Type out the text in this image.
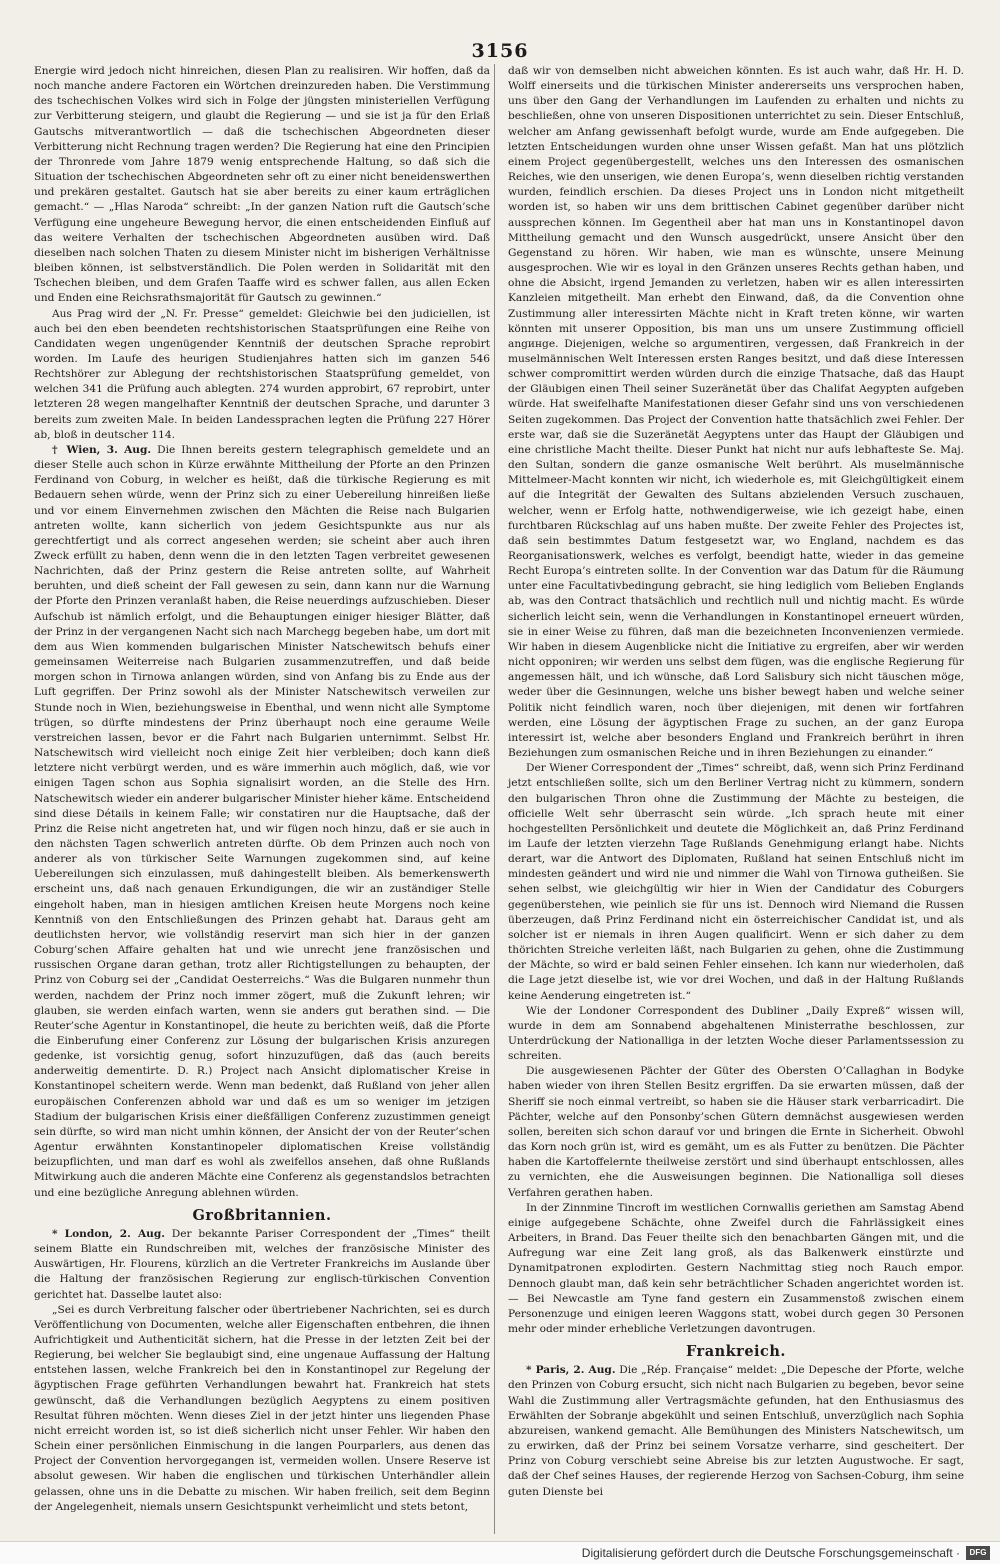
3156

Energie wird jedoch nicht hinreichen, diesen Plan zu realisiren. Wir hoffen, daß da noch manche andere Factoren ein Wörtchen dreinzureden haben. Die Verstimmung des tschechischen Volkes wird sich in Folge der jüngsten ministeriellen Verfügung zur Verbitterung steigern, und glaubt die Regierung — und sie ist ja für den Erlaß Gautschs mitverantwortlich — daß die tschechischen Abgeordneten dieser Verbitterung nicht Rechnung tragen werden? Die Regierung hat eine den Principien der Thronrede vom Jahre 1879 wenig entsprechende Haltung, so daß sich die Situation der tschechischen Abgeordneten sehr oft zu einer nicht beneidenswerthen und prekären gestaltet. Gautsch hat sie aber bereits zu einer kaum erträglichen gemacht.“ — „Hlas Naroda“ schreibt: „In der ganzen Nation ruft die Gautsch’sche Verfügung eine ungeheure Bewegung hervor, die einen entscheidenden Einfluß auf das weitere Verhalten der tschechischen Abgeordneten ausüben wird. Daß dieselben nach solchen Thaten zu diesem Minister nicht im bisherigen Verhältnisse bleiben können, ist selbstverständlich. Die Polen werden in Solidarität mit den Tschechen bleiben, und dem Grafen Taaffe wird es schwer fallen, aus allen Ecken und Enden eine Reichsrathsmajorität für Gautsch zu gewinnen.“

Aus Prag wird der „N. Fr. Presse“ gemeldet: Gleichwie bei den judiciellen, ist auch bei den eben beendeten rechtshistorischen Staatsprüfungen eine Reihe von Candidaten wegen ungenügender Kenntniß der deutschen Sprache reprobirt worden. Im Laufe des heurigen Studienjahres hatten sich im ganzen 546 Rechtshörer zur Ablegung der rechtshistorischen Staatsprüfung gemeldet, von welchen 341 die Prüfung auch ablegten. 274 wurden approbirt, 67 reprobirt, unter letzteren 28 wegen mangelhafter Kenntniß der deutschen Sprache, und darunter 3 bereits zum zweiten Male. In beiden Landessprachen legten die Prüfung 227 Hörer ab, bloß in deutscher 114.

† Wien, 3. Aug. Die Ihnen bereits gestern telegraphisch gemeldete und an dieser Stelle auch schon in Kürze erwähnte Mittheilung der Pforte an den Prinzen Ferdinand von Coburg, in welcher es heißt, daß die türkische Regierung es mit Bedauern sehen würde, wenn der Prinz sich zu einer Uebereilung hinreißen ließe und vor einem Einvernehmen zwischen den Mächten die Reise nach Bulgarien antreten wollte, kann sicherlich von jedem Gesichtspunkte aus nur als gerechtfertigt und als correct angesehen werden; sie scheint aber auch ihren Zweck erfüllt zu haben, denn wenn die in den letzten Tagen verbreitet gewesenen Nachrichten, daß der Prinz gestern die Reise antreten sollte, auf Wahrheit beruhten, und dieß scheint der Fall gewesen zu sein, dann kann nur die Warnung der Pforte den Prinzen veranlaßt haben, die Reise neuerdings aufzuschieben. Dieser Aufschub ist nämlich erfolgt, und die Behauptungen einiger hiesiger Blätter, daß der Prinz in der vergangenen Nacht sich nach Marchegg begeben habe, um dort mit dem aus Wien kommenden bulgarischen Minister Natschewitsch behufs einer gemeinsamen Weiterreise nach Bulgarien zusammenzutreffen, und daß beide morgen schon in Tirnowa anlangen würden, sind von Anfang bis zu Ende aus der Luft gegriffen. Der Prinz sowohl als der Minister Natschewitsch verweilen zur Stunde noch in Wien, beziehungsweise in Ebenthal, und wenn nicht alle Symptome trügen, so dürfte mindestens der Prinz überhaupt noch eine geraume Weile verstreichen lassen, bevor er die Fahrt nach Bulgarien unternimmt. Selbst Hr. Natschewitsch wird vielleicht noch einige Zeit hier verbleiben; doch kann dieß letztere nicht verbürgt werden, und es wäre immerhin auch möglich, daß, wie vor einigen Tagen schon aus Sophia signalisirt worden, an die Stelle des Hrn. Natschewitsch wieder ein anderer bulgarischer Minister hieher käme. Entscheidend sind diese Détails in keinem Falle; wir constatiren nur die Hauptsache, daß der Prinz die Reise nicht angetreten hat, und wir fügen noch hinzu, daß er sie auch in den nächsten Tagen schwerlich antreten dürfte. Ob dem Prinzen auch noch von anderer als von türkischer Seite Warnungen zugekommen sind, auf keine Uebereilungen sich einzulassen, muß dahingestellt bleiben. Als bemerkenswerth erscheint uns, daß nach genauen Erkundigungen, die wir an zuständiger Stelle eingeholt haben, man in hiesigen amtlichen Kreisen heute Morgens noch keine Kenntniß von den Entschließungen des Prinzen gehabt hat. Daraus geht am deutlichsten hervor, wie vollständig reservirt man sich hier in der ganzen Coburg’schen Affaire gehalten hat und wie unrecht jene französischen und russischen Organe daran gethan, trotz aller Richtigstellungen zu behaupten, der Prinz von Coburg sei der „Candidat Oesterreichs.“ Was die Bulgaren nunmehr thun werden, nachdem der Prinz noch immer zögert, muß die Zukunft lehren; wir glauben, sie werden einfach warten, wenn sie anders gut berathen sind. — Die Reuter’sche Agentur in Konstantinopel, die heute zu berichten weiß, daß die Pforte die Einberufung einer Conferenz zur Lösung der bulgarischen Krisis anzuregen gedenke, ist vorsichtig genug, sofort hinzuzufügen, daß das (auch bereits anderweitig dementirte. D. R.) Project nach Ansicht diplomatischer Kreise in Konstantinopel scheitern werde. Wenn man bedenkt, daß Rußland von jeher allen europäischen Conferenzen abhold war und daß es um so weniger im jetzigen Stadium der bulgarischen Krisis einer dießfälligen Conferenz zuzustimmen geneigt sein dürfte, so wird man nicht umhin können, der Ansicht der von der Reuter’schen Agentur erwähnten Konstantinopeler diplomatischen Kreise vollständig beizupflichten, und man darf es wohl als zweifellos ansehen, daß ohne Rußlands Mitwirkung auch die anderen Mächte eine Conferenz als gegenstandslos betrachten und eine bezügliche Anregung ablehnen würden.

Großbritannien.

* London, 2. Aug. Der bekannte Pariser Correspondent der „Times“ theilt seinem Blatte ein Rundschreiben mit, welches der französische Minister des Auswärtigen, Hr. Flourens, kürzlich an die Vertreter Frankreichs im Auslande über die Haltung der französischen Regierung zur englisch-türkischen Convention gerichtet hat. Dasselbe lautet also:

„Sei es durch Verbreitung falscher oder übertriebener Nachrichten, sei es durch Veröffentlichung von Documenten, welche aller Eigenschaften entbehren, die ihnen Aufrichtigkeit und Authenticität sichern, hat die Presse in der letzten Zeit bei der Regierung, bei welcher Sie beglaubigt sind, eine ungenaue Auffassung der Haltung entstehen lassen, welche Frankreich bei den in Konstantinopel zur Regelung der ägyptischen Frage geführten Verhandlungen bewahrt hat. Frankreich hat stets gewünscht, daß die Verhandlungen bezüglich Aegyptens zu einem positiven Resultat führen möchten. Wenn dieses Ziel in der jetzt hinter uns liegenden Phase nicht erreicht worden ist, so ist dieß sicherlich nicht unser Fehler. Wir haben den Schein einer persönlichen Einmischung in die langen Pourparlers, aus denen das Project der Convention hervorgegangen ist, vermeiden wollen. Unsere Reserve ist absolut gewesen. Wir haben die englischen und türkischen Unterhändler allein gelassen, ohne uns in die Debatte zu mischen. Wir haben freilich, seit dem Beginn der Angelegenheit, niemals unsern Gesichtspunkt verheimlicht und stets betont,

daß wir von demselben nicht abweichen könnten. Es ist auch wahr, daß Hr. H. D. Wolff einerseits und die türkischen Minister andererseits uns versprochen haben, uns über den Gang der Verhandlungen im Laufenden zu erhalten und nichts zu beschließen, ohne von unseren Dispositionen unterrichtet zu sein. Dieser Entschluß, welcher am Anfang gewissenhaft befolgt wurde, wurde am Ende aufgegeben. Die letzten Entscheidungen wurden ohne unser Wissen gefaßt. Man hat uns plötzlich einem Project gegenübergestellt, welches uns den Interessen des osmanischen Reiches, wie den unserigen, wie denen Europa’s, wenn dieselben richtig verstanden wurden, feindlich erschien. Da dieses Project uns in London nicht mitgetheilt worden ist, so haben wir uns dem brittischen Cabinet gegenüber darüber nicht aussprechen können. Im Gegentheil aber hat man uns in Konstantinopel davon Mittheilung gemacht und den Wunsch ausgedrückt, unsere Ansicht über den Gegenstand zu hören. Wir haben, wie man es wünschte, unsere Meinung ausgesprochen. Wie wir es loyal in den Gränzen unseres Rechts gethan haben, und ohne die Absicht, irgend Jemanden zu verletzen, haben wir es allen interessirten Kanzleien mitgetheilt. Man erhebt den Einwand, daß, da die Convention ohne Zustimmung aller interessirten Mächte nicht in Kraft treten könne, wir warten könnten mit unserer Opposition, bis man uns um unsere Zustimmung officiell angинge. Diejenigen, welche so argumentiren, vergessen, daß Frankreich in der muselmännischen Welt Interessen ersten Ranges besitzt, und daß diese Interessen schwer compromittirt werden würden durch die einzige Thatsache, daß das Haupt der Gläubigen einen Theil seiner Suzeränetät über das Chalifat Aegypten aufgeben würde. Hat sweifelhafte Manifestationen dieser Gefahr sind uns von verschiedenen Seiten zugekommen. Das Project der Convention hatte thatsächlich zwei Fehler. Der erste war, daß sie die Suzeränetät Aegyptens unter das Haupt der Gläubigen und eine christliche Macht theilte. Dieser Punkt hat nicht nur aufs lebhafteste Se. Maj. den Sultan, sondern die ganze osmanische Welt berührt. Als muselmännische Mittelmeer-Macht konnten wir nicht, ich wiederhole es, mit Gleichgültigkeit einem auf die Integrität der Gewalten des Sultans abzielenden Versuch zuschauen, welcher, wenn er Erfolg hatte, nothwendigerweise, wie ich gezeigt habe, einen furchtbaren Rückschlag auf uns haben mußte. Der zweite Fehler des Projectes ist, daß sein bestimmtes Datum festgesetzt war, wo England, nachdem es das Reorganisationswerk, welches es verfolgt, beendigt hatte, wieder in das gemeine Recht Europa’s eintreten sollte. In der Convention war das Datum für die Räumung unter eine Facultativbedingung gebracht, sie hing lediglich vom Belieben Englands ab, was den Contract thatsächlich und rechtlich null und nichtig macht. Es würde sicherlich leicht sein, wenn die Verhandlungen in Konstantinopel erneuert würden, sie in einer Weise zu führen, daß man die bezeichneten Inconvenienzen vermiede. Wir haben in diesem Augenblicke nicht die Initiative zu ergreifen, aber wir werden nicht opponiren; wir werden uns selbst dem fügen, was die englische Regierung für angemessen hält, und ich wünsche, daß Lord Salisbury sich nicht täuschen möge, weder über die Gesinnungen, welche uns bisher bewegt haben und welche seiner Politik nicht feindlich waren, noch über diejenigen, mit denen wir fortfahren werden, eine Lösung der ägyptischen Frage zu suchen, an der ganz Europa interessirt ist, welche aber besonders England und Frankreich berührt in ihren Beziehungen zum osmanischen Reiche und in ihren Beziehungen zu einander.“

Der Wiener Correspondent der „Times“ schreibt, daß, wenn sich Prinz Ferdinand jetzt entschließen sollte, sich um den Berliner Vertrag nicht zu kümmern, sondern den bulgarischen Thron ohne die Zustimmung der Mächte zu besteigen, die officielle Welt sehr überrascht sein würde. „Ich sprach heute mit einer hochgestellten Persönlichkeit und deutete die Möglichkeit an, daß Prinz Ferdinand im Laufe der letzten vierzehn Tage Rußlands Genehmigung erlangt habe. Nichts derart, war die Antwort des Diplomaten, Rußland hat seinen Entschluß nicht im mindesten geändert und wird nie und nimmer die Wahl von Tirnowa gutheißen. Sie sehen selbst, wie gleichgültig wir hier in Wien der Candidatur des Coburgers gegenüberstehen, wie peinlich sie für uns ist. Dennoch wird Niemand die Russen überzeugen, daß Prinz Ferdinand nicht ein österreichischer Candidat ist, und als solcher ist er niemals in ihren Augen qualificirt. Wenn er sich daher zu dem thörichten Streiche verleiten läßt, nach Bulgarien zu gehen, ohne die Zustimmung der Mächte, so wird er bald seinen Fehler einsehen. Ich kann nur wiederholen, daß die Lage jetzt dieselbe ist, wie vor drei Wochen, und daß in der Haltung Rußlands keine Aenderung eingetreten ist.“

Wie der Londoner Correspondent des Dubliner „Daily Expreß“ wissen will, wurde in dem am Sonnabend abgehaltenen Ministerrathe beschlossen, zur Unterdrückung der Nationalliga in der letzten Woche dieser Parlamentssession zu schreiten.

Die ausgewiesenen Pächter der Güter des Obersten O’Callaghan in Bodyke haben wieder von ihren Stellen Besitz ergriffen. Da sie erwarten müssen, daß der Sheriff sie noch einmal vertreibt, so haben sie die Häuser stark verbarricadirt. Die Pächter, welche auf den Ponsonby’schen Gütern demnächst ausgewiesen werden sollen, bereiten sich schon darauf vor und bringen die Ernte in Sicherheit. Obwohl das Korn noch grün ist, wird es gemäht, um es als Futter zu benützen. Die Pächter haben die Kartoffelernte theilweise zerstört und sind überhaupt entschlossen, alles zu vernichten, ehe die Ausweisungen beginnen. Die Nationalliga soll dieses Verfahren gerathen haben.

In der Zinnmine Tincroft im westlichen Cornwallis geriethen am Samstag Abend einige aufgegebene Schächte, ohne Zweifel durch die Fahrlässigkeit eines Arbeiters, in Brand. Das Feuer theilte sich den benachbarten Gängen mit, und die Aufregung war eine Zeit lang groß, als das Balkenwerk einstürzte und Dynamitpatronen explodirten. Gestern Nachmittag stieg noch Rauch empor. Dennoch glaubt man, daß kein sehr beträchtlicher Schaden angerichtet worden ist. — Bei Newcastle am Tyne fand gestern ein Zusammenstoß zwischen einem Personenzuge und einigen leeren Waggons statt, wobei durch gegen 30 Personen mehr oder minder erhebliche Verletzungen davontrugen.

Frankreich.

* Paris, 2. Aug. Die „Rép. Française“ meldet: „Die Depesche der Pforte, welche den Prinzen von Coburg ersucht, sich nicht nach Bulgarien zu begeben, bevor seine Wahl die Zustimmung aller Vertragsmächte gefunden, hat den Enthusiasmus des Erwählten der Sobranje abgekühlt und seinen Entschluß, unverzüglich nach Sophia abzureisen, wankend gemacht. Alle Bemühungen des Ministers Natschewitsch, um zu erwirken, daß der Prinz bei seinem Vorsatze verharre, sind gescheitert. Der Prinz von Coburg verschiebt seine Abreise bis zur letzten Augustwoche. Er sagt, daß der Chef seines Hauses, der regierende Herzog von Sachsen-Coburg, ihm seine guten Dienste bei

Digitalisierung gefördert durch die Deutsche Forschungsgemeinschaft ·	DFG
